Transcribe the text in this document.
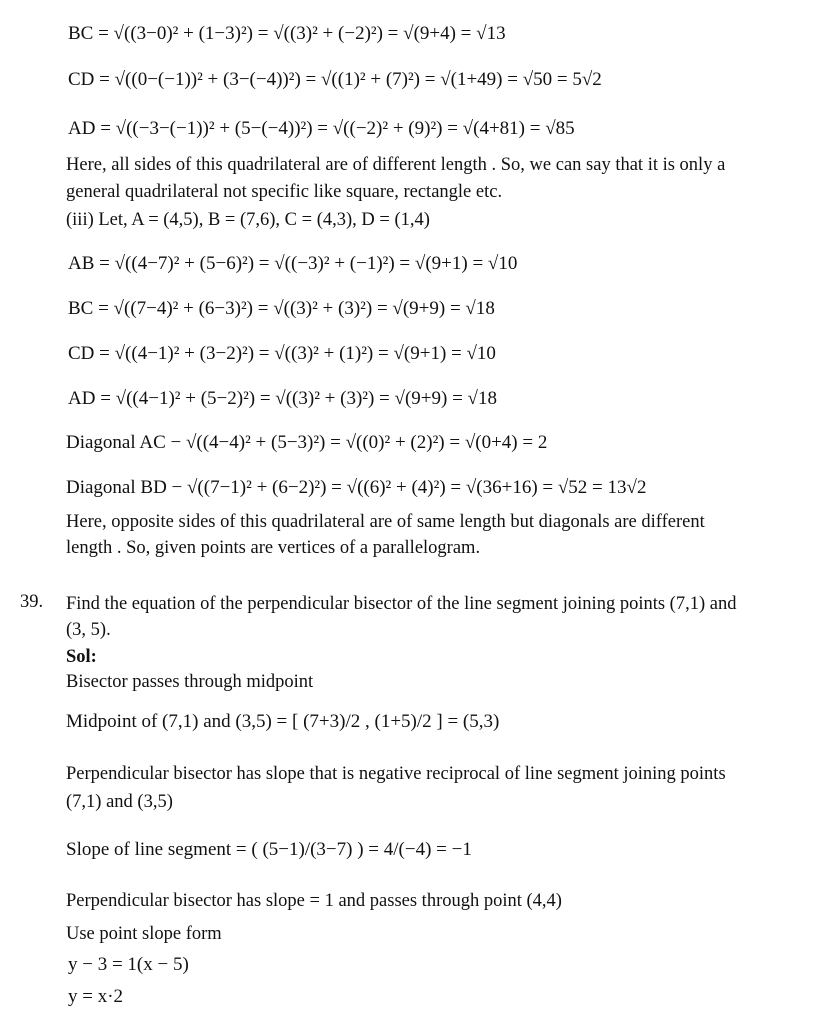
BC = √((3−0)² + (1−3)²) = √((3)² + (−2)²) = √(9+4) = √13
CD = √((0−(−1))² + (3−(−4))²) = √((1)² + (7)²) = √(1+49) = √50 = 5√2
AD = √((−3−(−1))² + (5−(−4))²) = √((−2)² + (9)²) = √(4+81) = √85
Here, all sides of this quadrilateral are of different length . So, we can say that it is only a
general quadrilateral not specific like square, rectangle etc.
(iii) Let, A = (4,5), B = (7,6), C = (4,3), D = (1,4)
AB = √((4−7)² + (5−6)²) = √((−3)² + (−1)²) = √(9+1) = √10
BC = √((7−4)² + (6−3)²) = √((3)² + (3)²) = √(9+9) = √18
CD = √((4−1)² + (3−2)²) = √((3)² + (1)²) = √(9+1) = √10
AD = √((4−1)² + (5−2)²) = √((3)² + (3)²) = √(9+9) = √18
Diagonal AC − √((4−4)² + (5−3)²) = √((0)² + (2)²) = √(0+4) = 2
Diagonal BD − √((7−1)² + (6−2)²) = √((6)² + (4)²) = √(36+16) = √52 = 13√2
Here, opposite sides of this quadrilateral are of same length but diagonals are different
length . So, given points are vertices of a parallelogram.
39. Find the equation of the perpendicular bisector of the line segment joining points (7,1) and
(3, 5).
Sol:
Bisector passes through midpoint
Midpoint of (7,1) and (3,5) = [ (7+3)/2 , (1+5)/2 ] = (5,3)
Perpendicular bisector has slope that is negative reciprocal of line segment joining points
(7,1) and (3,5)
Slope of line segment = ( (5−1)/(3−7) ) = 4/(−4) = −1
Perpendicular bisector has slope = 1 and passes through point (4,4)
Use point slope form
y − 3 = 1(x − 5)
y = x·2
